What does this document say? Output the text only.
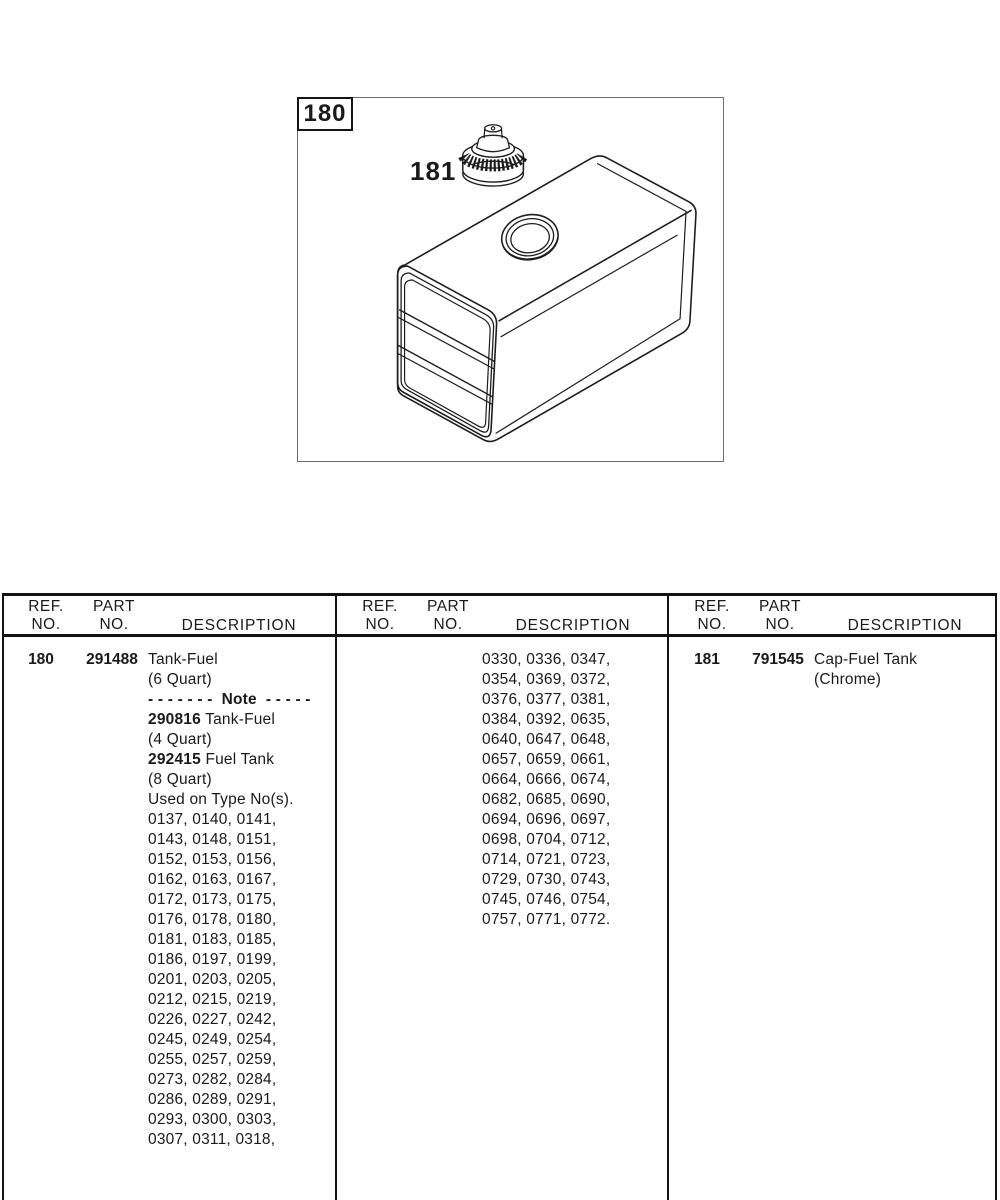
180
181
REF.
NO.
PART
NO.	DESCRIPTION
180	291488 Tank-Fuel
(6 Quart)
- - - - - - -  Note  - - - - -
290816 Tank-Fuel
(4 Quart)
292415 Fuel Tank
(8 Quart)
Used on Type No(s).
0137, 0140, 0141,
0143, 0148, 0151,
0152, 0153, 0156,
0162, 0163, 0167,
0172, 0173, 0175,
0176, 0178, 0180,
0181, 0183, 0185,
0186, 0197, 0199,
0201, 0203, 0205,
0212, 0215, 0219,
0226, 0227, 0242,
0245, 0249, 0254,
0255, 0257, 0259,
0273, 0282, 0284,
0286, 0289, 0291,
0293, 0300, 0303,
0307, 0311, 0318,
REF.
NO.
PART
NO.	DESCRIPTION
0330, 0336, 0347,
0354, 0369, 0372,
0376, 0377, 0381,
0384, 0392, 0635,
0640, 0647, 0648,
0657, 0659, 0661,
0664, 0666, 0674,
0682, 0685, 0690,
0694, 0696, 0697,
0698, 0704, 0712,
0714, 0721, 0723,
0729, 0730, 0743,
0745, 0746, 0754,
0757, 0771, 0772.
REF.
NO.
PART
NO.	DESCRIPTION
181	791545 Cap-Fuel Tank
(Chrome)
